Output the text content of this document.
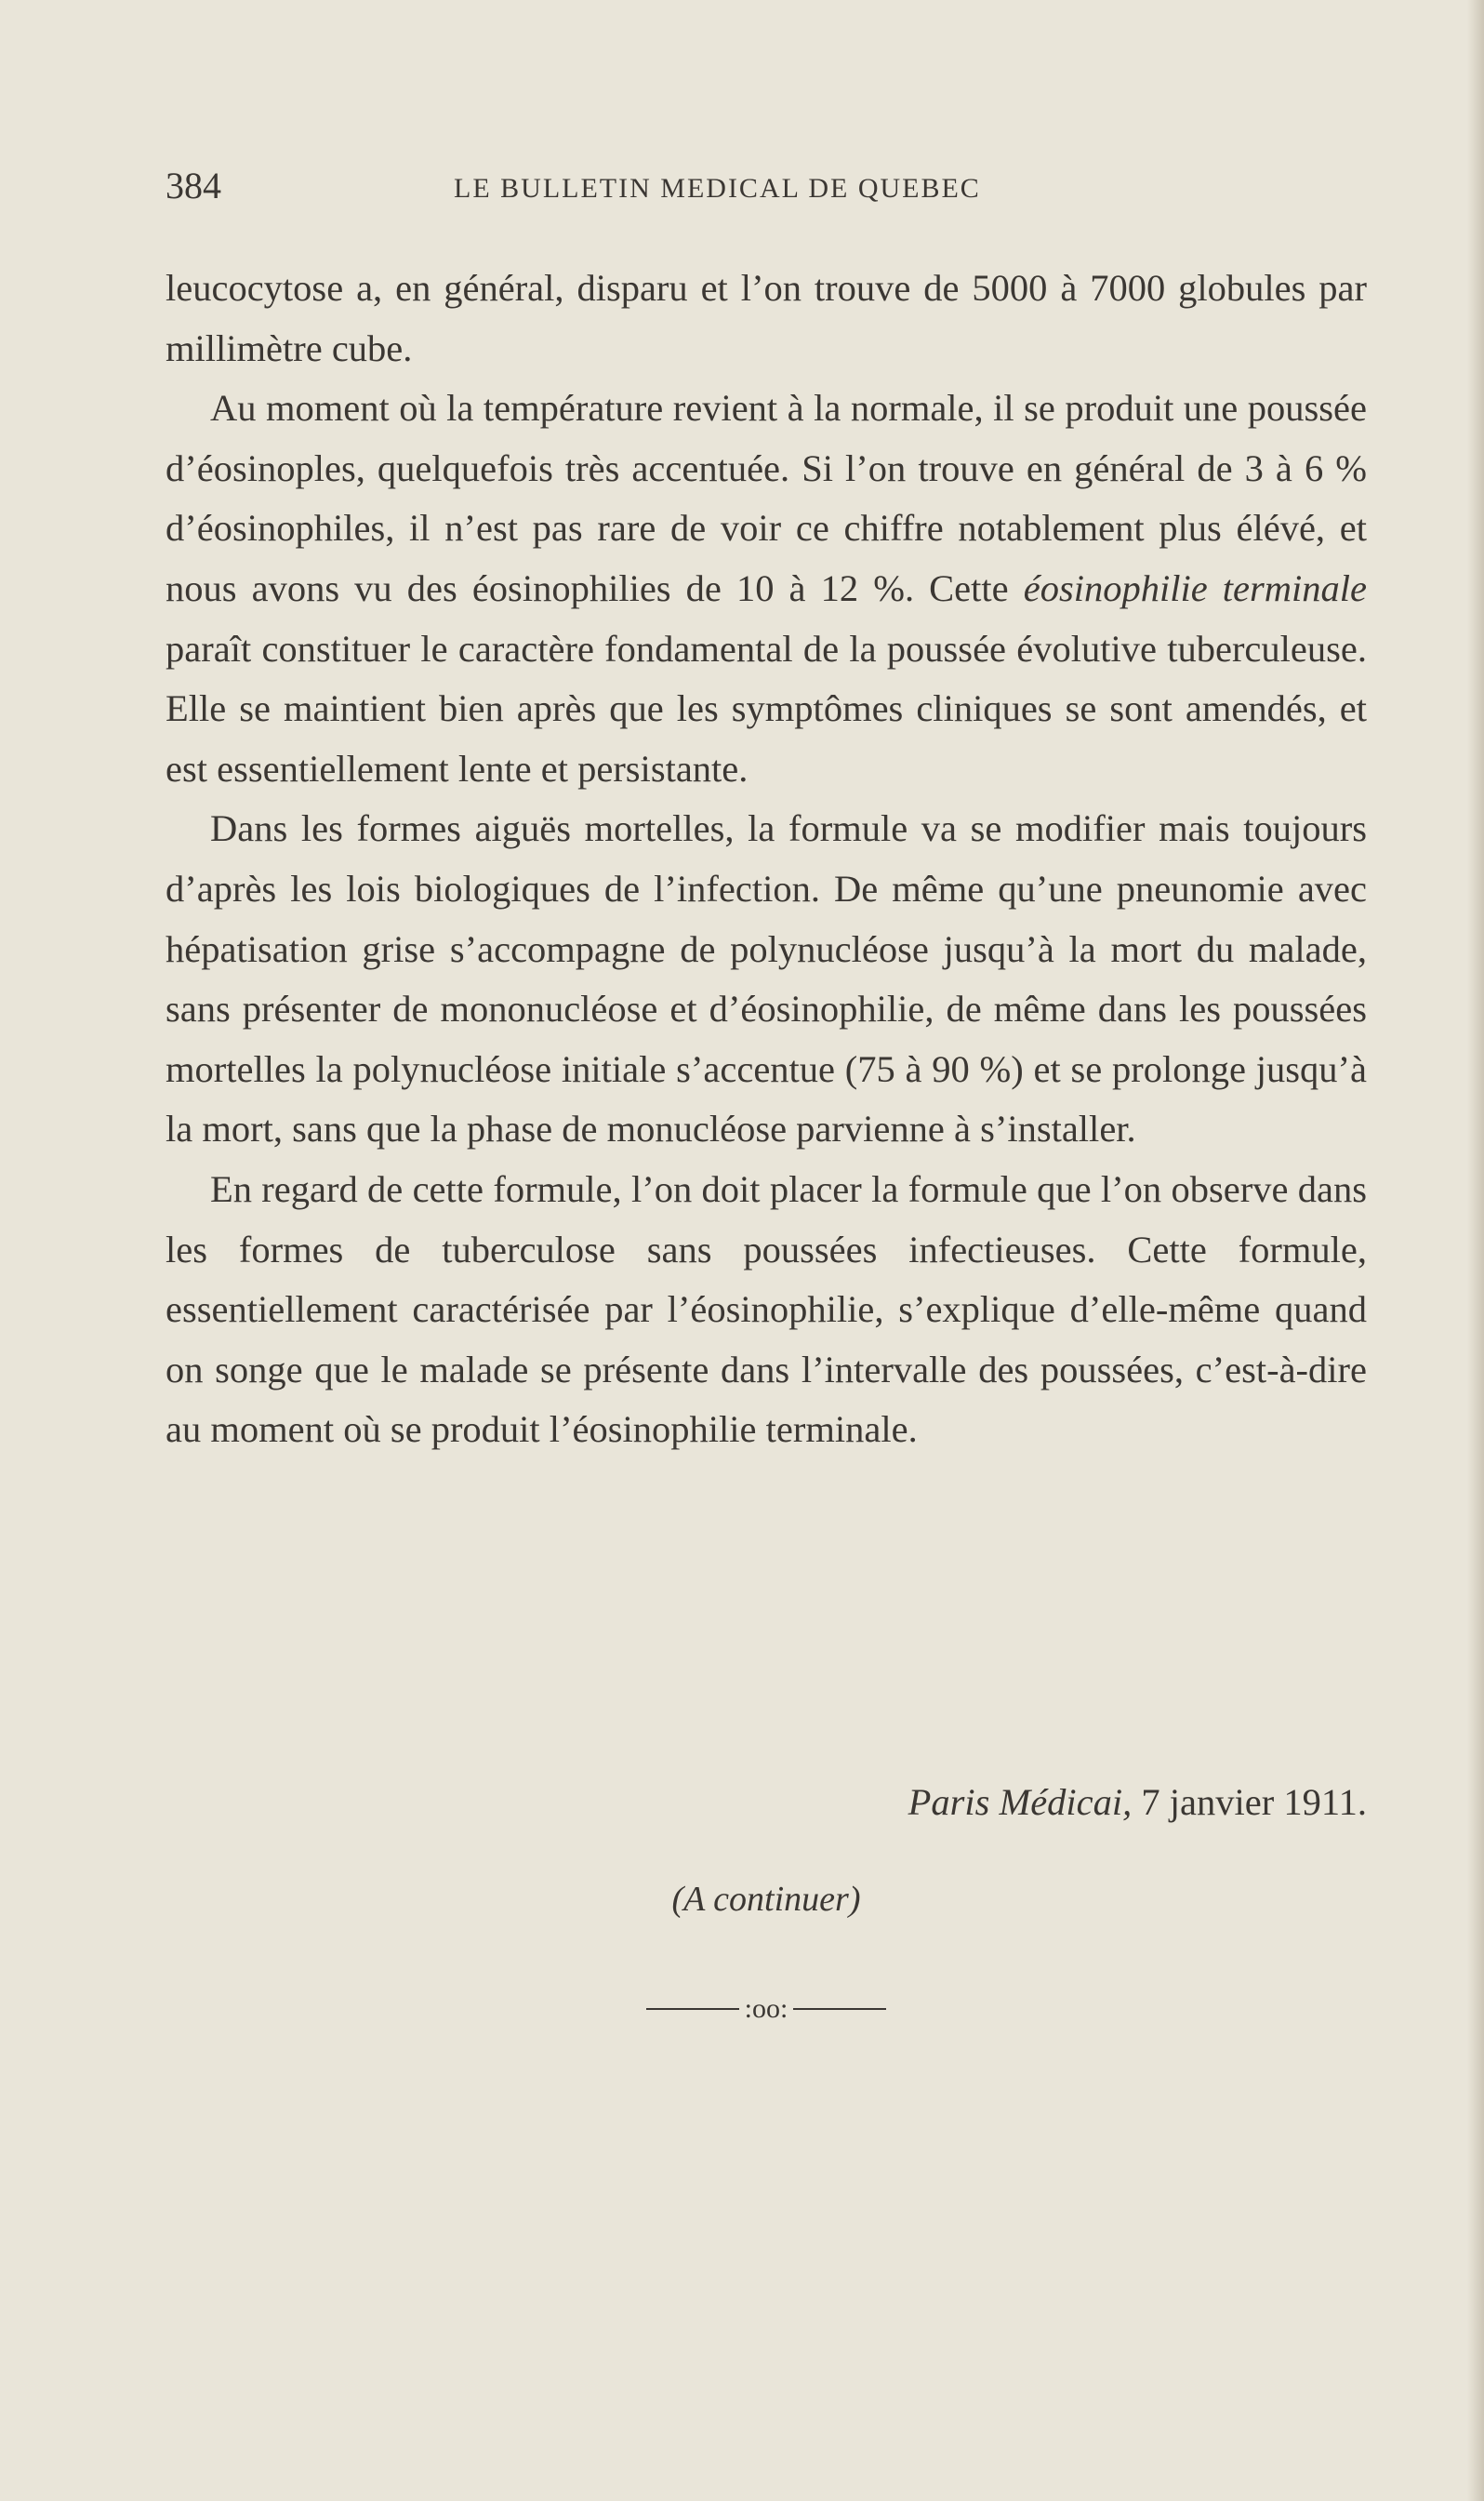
384	LE BULLETIN MEDICAL DE QUEBEC

leucocytose a, en général, disparu et l’on trouve de 5000 à 7000 globules par millimètre cube.

Au moment où la température revient à la normale, il se produit une poussée d’éosinoples, quelquefois très accentuée. Si l’on trouve en général de 3 à 6 % d’éosinophiles, il n’est pas rare de voir ce chiffre notablement plus élévé, et nous avons vu des éosinophilies de 10 à 12 %. Cette éosinophilie terminale paraît constituer le caractère fondamental de la poussée évolutive tuberculeuse. Elle se maintient bien après que les symptômes cliniques se sont amendés, et est essentiellement lente et persistante.

Dans les formes aiguës mortelles, la formule va se modifier mais toujours d’après les lois biologiques de l’infection. De même qu’une pneunomie avec hépatisation grise s’accompagne de polynucléose jusqu’à la mort du malade, sans présenter de mononucléose et d’éosinophilie, de même dans les poussées mortelles la polynucléose initiale s’accentue (75 à 90 %) et se prolonge jusqu’à la mort, sans que la phase de monucléose parvienne à s’installer.

En regard de cette formule, l’on doit placer la formule que l’on observe dans les formes de tuberculose sans poussées infectieuses. Cette formule, essentiellement caractérisée par l’éosinophilie, s’explique d’elle-même quand on songe que le malade se présente dans l’intervalle des poussées, c’est-à-dire au moment où se produit l’éosinophilie terminale.

Paris Médicai, 7 janvier 1911.
(A continuer)
:oo:
